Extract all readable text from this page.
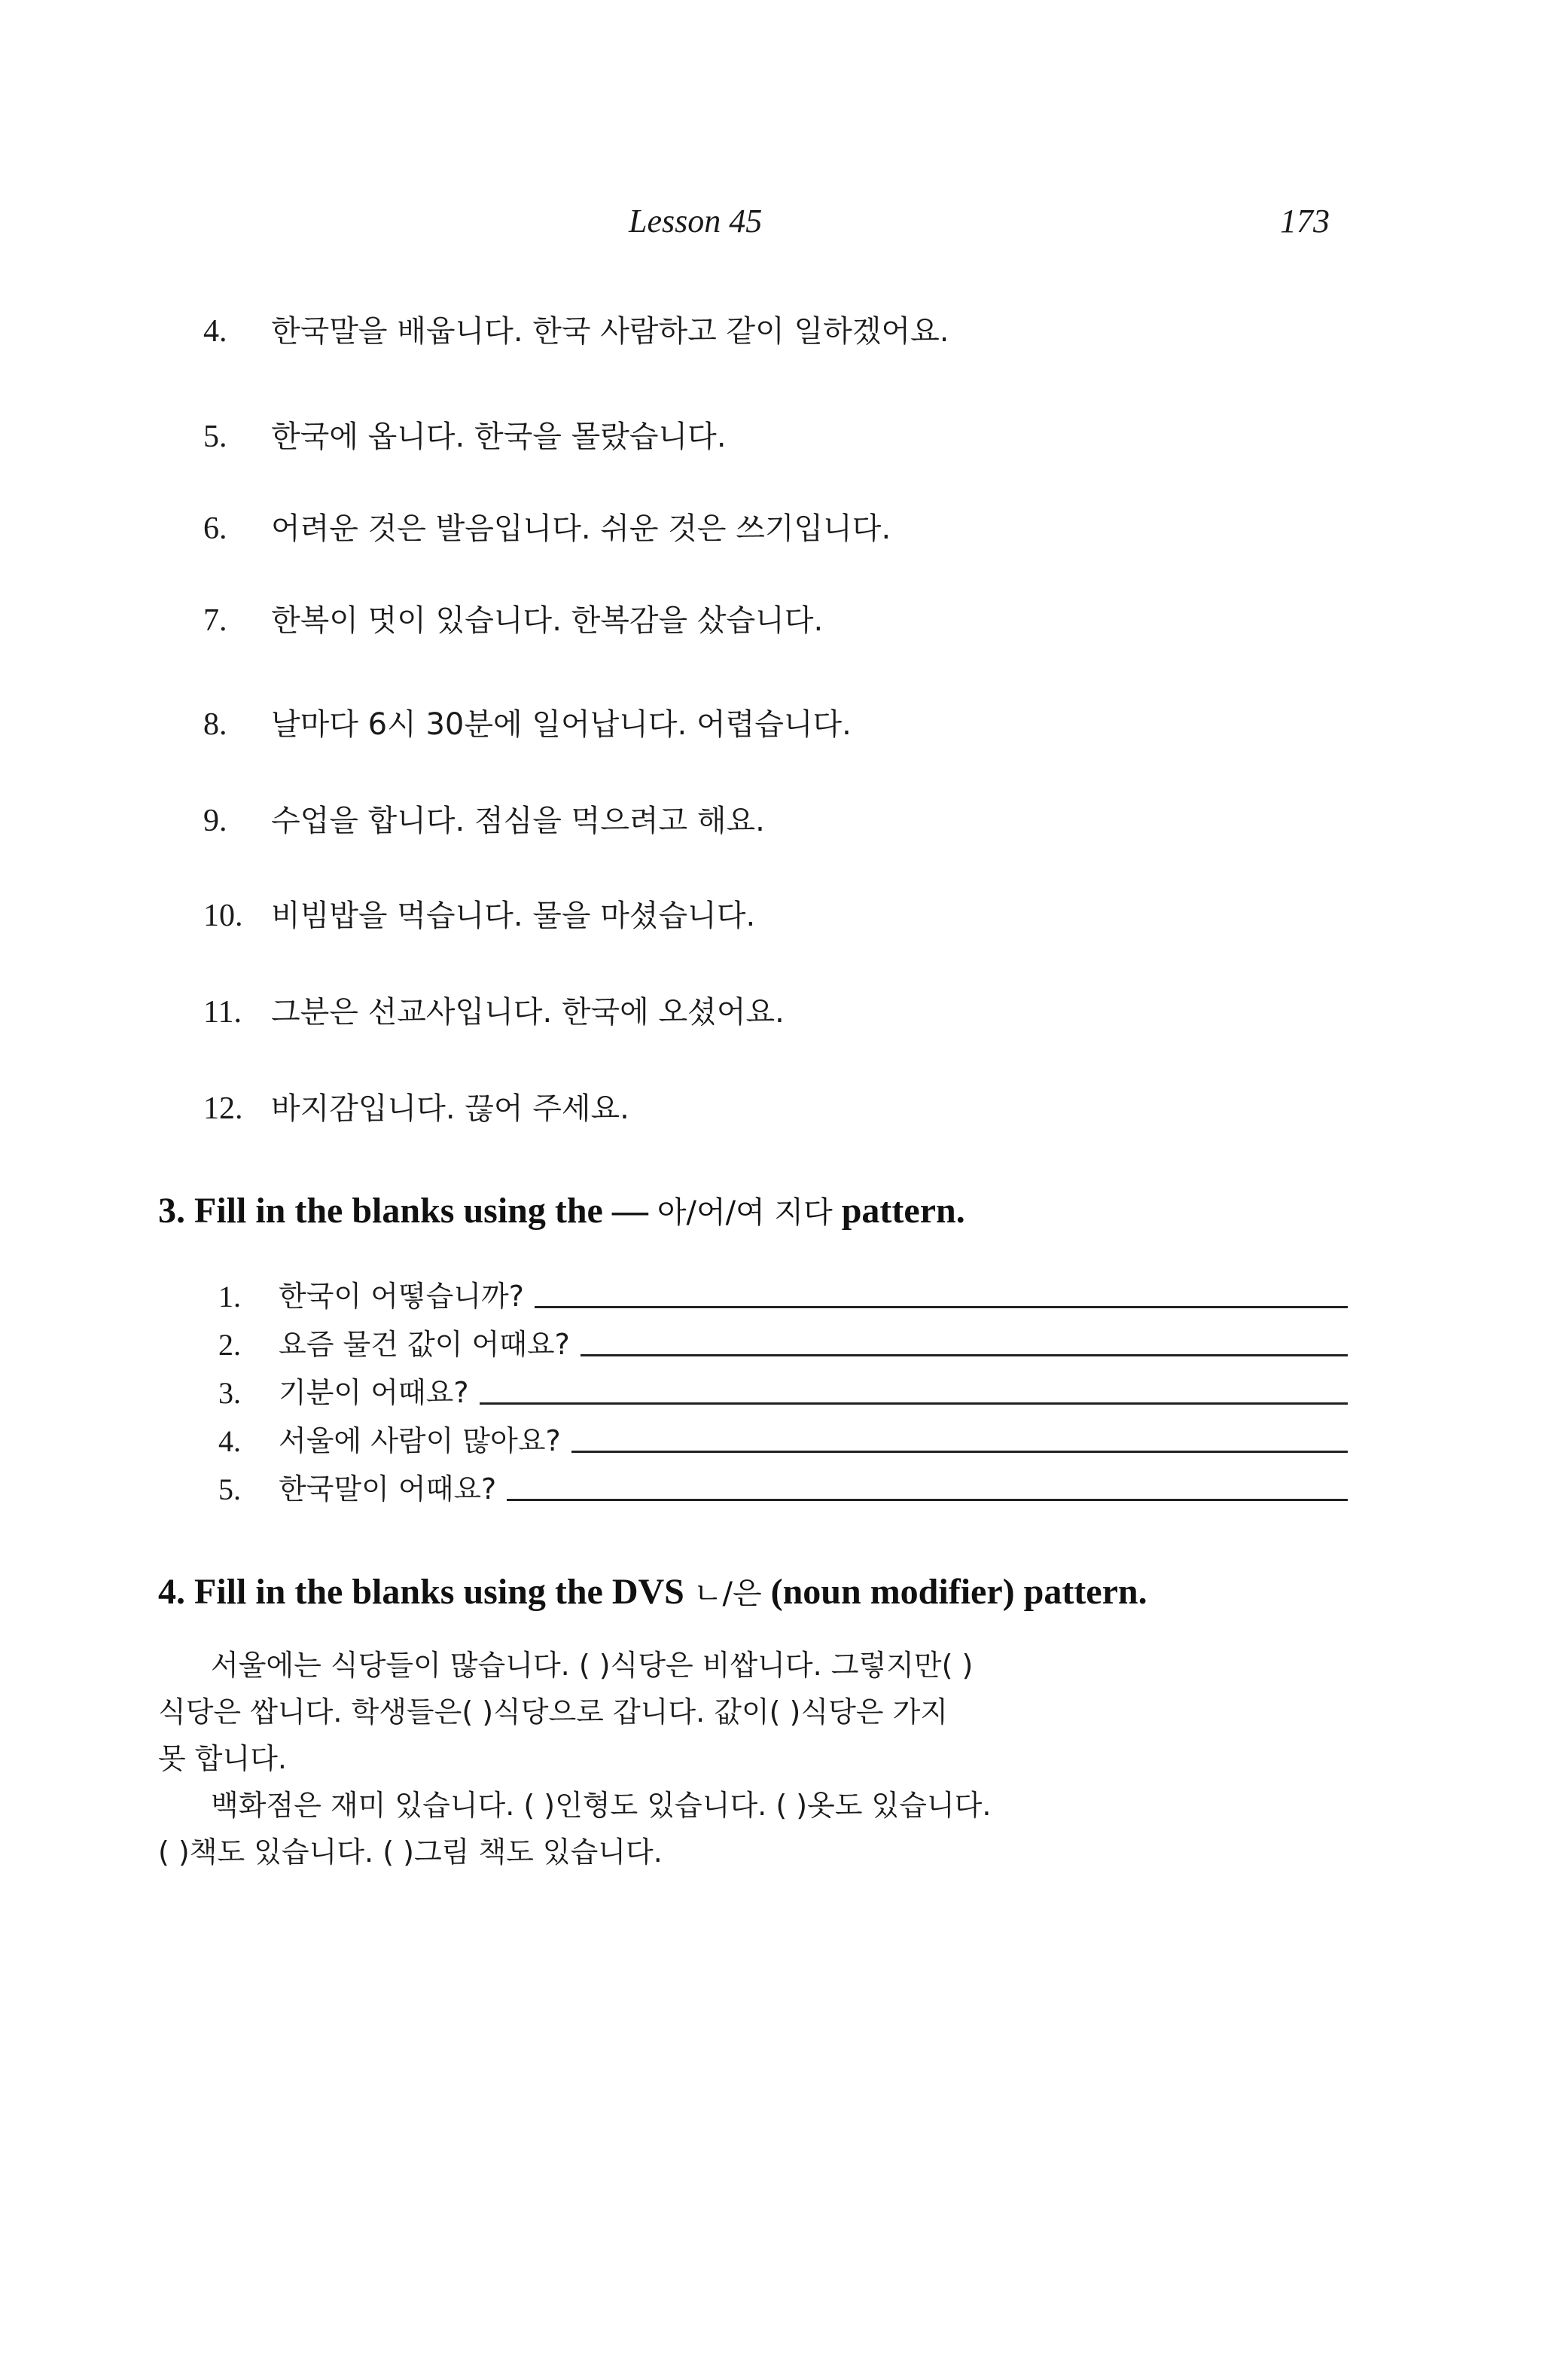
Lesson 45	173
4. 한국말을 배웁니다. 한국 사람하고 같이 일하겠어요.
5. 한국에 옵니다. 한국을 몰랐습니다.
6. 어려운 것은 발음입니다. 쉬운 것은 쓰기입니다.
7. 한복이 멋이 있습니다. 한복감을 샀습니다.
8. 날마다 6시 30분에 일어납니다. 어렵습니다.
9. 수업을 합니다. 점심을 먹으려고 해요.
10. 비빔밥을 먹습니다. 물을 마셨습니다.
11. 그분은 선교사입니다. 한국에 오셨어요.
12. 바지감입니다. 끊어 주세요.
3. Fill in the blanks using the — 아/어/여 지다 pattern.
1.	한국이 어떻습니까?
2.	요즘 물건 값이 어때요?
3.	기분이 어때요?
4.	서울에 사람이 많아요?
5.	한국말이 어때요?
4. Fill in the blanks using the DVS ㄴ/은 (noun modifier) pattern.
서울에는 식당들이 많습니다. ( )식당은 비쌉니다. 그렇지만( )
식당은 쌉니다. 학생들은( )식당으로 갑니다. 값이( )식당은 가지
못 합니다.
백화점은 재미 있습니다. ( )인형도 있습니다. ( )옷도 있습니다.
( )책도 있습니다. ( )그림 책도 있습니다.
